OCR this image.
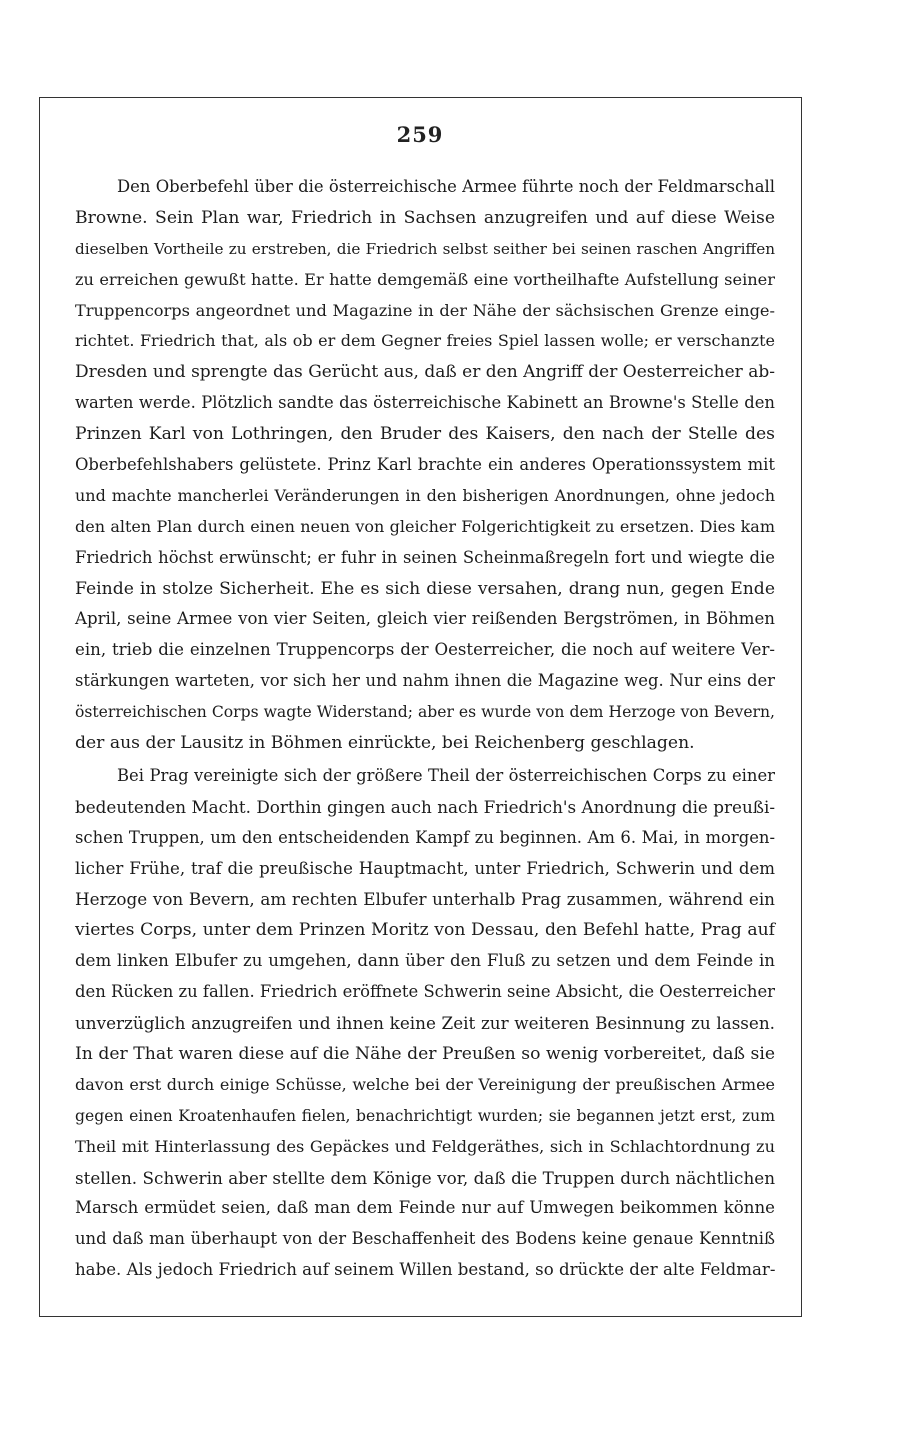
259
Den Oberbefehl über die österreichische Armee führte noch der Feldmarschall
Browne. Sein Plan war, Friedrich in Sachsen anzugreifen und auf diese Weise
dieselben Vortheile zu erstreben, die Friedrich selbst seither bei seinen raschen Angriffen
zu erreichen gewußt hatte. Er hatte demgemäß eine vortheilhafte Aufstellung seiner
Truppencorps angeordnet und Magazine in der Nähe der sächsischen Grenze einge-
richtet. Friedrich that, als ob er dem Gegner freies Spiel lassen wolle; er verschanzte
Dresden und sprengte das Gerücht aus, daß er den Angriff der Oesterreicher ab-
warten werde. Plötzlich sandte das österreichische Kabinett an Browne's Stelle den
Prinzen Karl von Lothringen, den Bruder des Kaisers, den nach der Stelle des
Oberbefehlshabers gelüstete. Prinz Karl brachte ein anderes Operationssystem mit
und machte mancherlei Veränderungen in den bisherigen Anordnungen, ohne jedoch
den alten Plan durch einen neuen von gleicher Folgerichtigkeit zu ersetzen. Dies kam
Friedrich höchst erwünscht; er fuhr in seinen Scheinmaßregeln fort und wiegte die
Feinde in stolze Sicherheit. Ehe es sich diese versahen, drang nun, gegen Ende
April, seine Armee von vier Seiten, gleich vier reißenden Bergströmen, in Böhmen
ein, trieb die einzelnen Truppencorps der Oesterreicher, die noch auf weitere Ver-
stärkungen warteten, vor sich her und nahm ihnen die Magazine weg. Nur eins der
österreichischen Corps wagte Widerstand; aber es wurde von dem Herzoge von Bevern,
der aus der Lausitz in Böhmen einrückte, bei Reichenberg geschlagen.
Bei Prag vereinigte sich der größere Theil der österreichischen Corps zu einer
bedeutenden Macht. Dorthin gingen auch nach Friedrich's Anordnung die preußi-
schen Truppen, um den entscheidenden Kampf zu beginnen. Am 6. Mai, in morgen-
licher Frühe, traf die preußische Hauptmacht, unter Friedrich, Schwerin und dem
Herzoge von Bevern, am rechten Elbufer unterhalb Prag zusammen, während ein
viertes Corps, unter dem Prinzen Moritz von Dessau, den Befehl hatte, Prag auf
dem linken Elbufer zu umgehen, dann über den Fluß zu setzen und dem Feinde in
den Rücken zu fallen. Friedrich eröffnete Schwerin seine Absicht, die Oesterreicher
unverzüglich anzugreifen und ihnen keine Zeit zur weiteren Besinnung zu lassen.
In der That waren diese auf die Nähe der Preußen so wenig vorbereitet, daß sie
davon erst durch einige Schüsse, welche bei der Vereinigung der preußischen Armee
gegen einen Kroatenhaufen fielen, benachrichtigt wurden; sie begannen jetzt erst, zum
Theil mit Hinterlassung des Gepäckes und Feldgeräthes, sich in Schlachtordnung zu
stellen. Schwerin aber stellte dem Könige vor, daß die Truppen durch nächtlichen
Marsch ermüdet seien, daß man dem Feinde nur auf Umwegen beikommen könne
und daß man überhaupt von der Beschaffenheit des Bodens keine genaue Kenntniß
habe. Als jedoch Friedrich auf seinem Willen bestand, so drückte der alte Feldmar-
